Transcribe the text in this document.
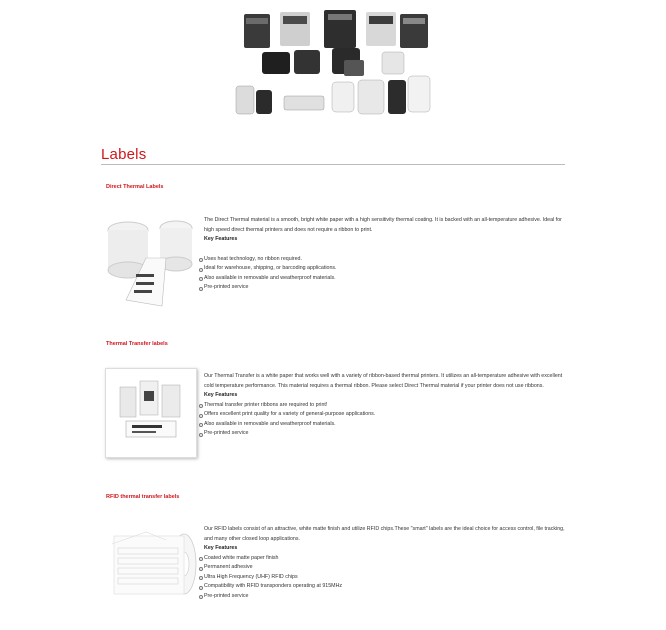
Labels
Direct Thermal Labels
The Direct Thermal material is a smooth, bright white paper with a high sensitivity thermal coating. It is backed with an all-temperature adhesive. Ideal for high speed direct thermal printers and does not require a ribbon to print.
Key Features
Uses heat technology, no ribbon required.
Ideal for warehouse, shipping, or barcoding applications.
Also available in removable and weatherproof materials.
Pre-printed service
Thermal Transfer labels
Our Thermal Transfer is a white paper that works well with a variety of ribbon-based thermal printers. It utilizes an all-temperature adhesive with excellent cold temperature performance. This material requires a thermal ribbon. Please select Direct Thermal material if your printer does not use ribbons.
Key Features
Thermal transfer printer ribbons are required to print!
Offers excellent print quality for a variety of general-purpose applications.
Also available in removable and weatherproof materials.
Pre-printed service
RFID thermal transfer labels
Our RFID labels consist of an attractive, white matte finish and utilize RFID chips.These "smart" labels are the ideal choice for access control, file tracking, and many other closed loop applications.
Key Features
Coated white matte paper finish
Permanent adhesive
Ultra High Frequency (UHF) RFID chips
Compatibility with RFID transponders operating at 915MHz
Pre-printed service
